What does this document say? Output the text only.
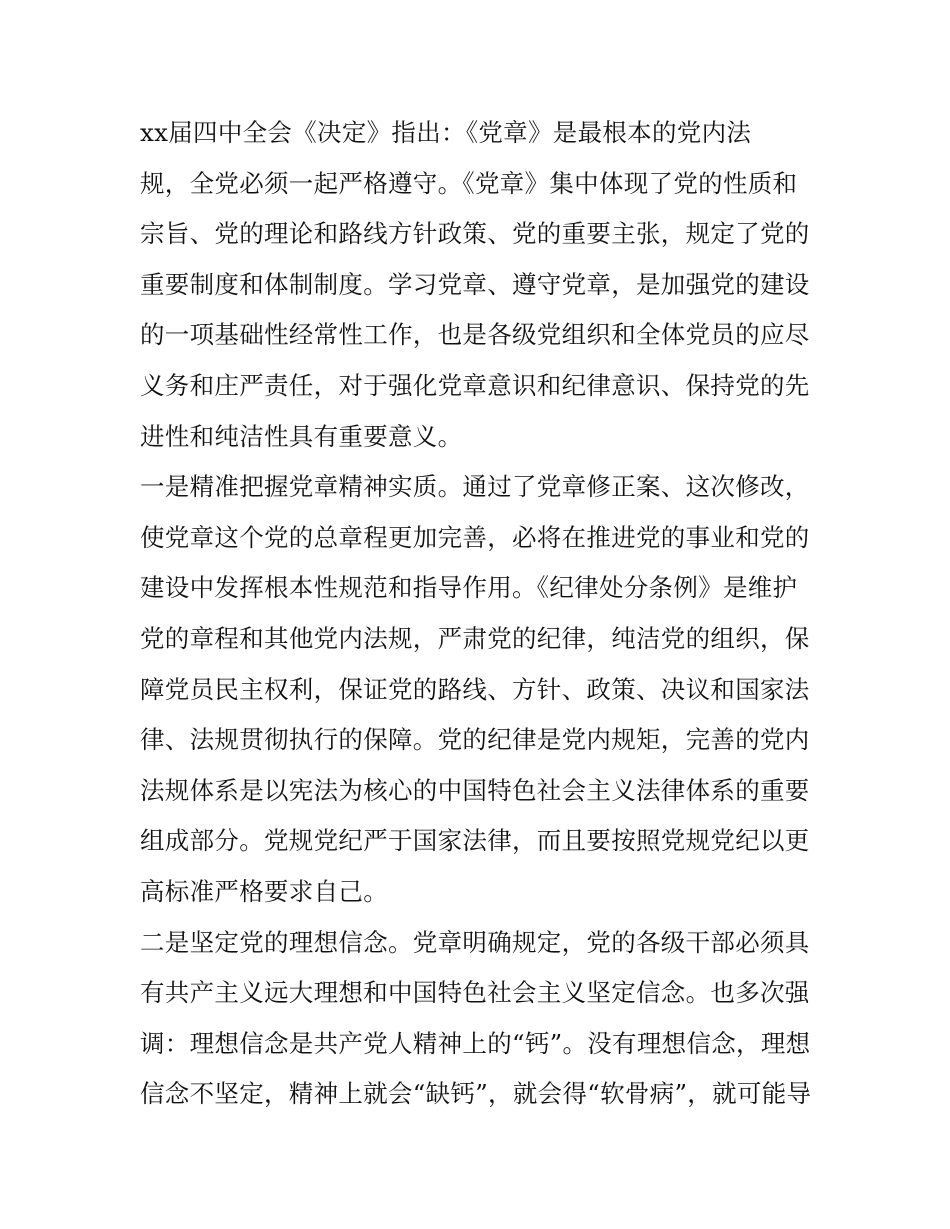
xx届四中全会《决定》指出：《党章》是最根本的党内法
规，全党必须一起严格遵守。《党章》集中体现了党的性质和
宗旨、党的理论和路线方针政策、党的重要主张，规定了党的
重要制度和体制制度。学习党章、遵守党章，是加强党的建设
的一项基础性经常性工作，也是各级党组织和全体党员的应尽
义务和庄严责任，对于强化党章意识和纪律意识、保持党的先
进性和纯洁性具有重要意义。
一是精准把握党章精神实质。通过了党章修正案、这次修改，
使党章这个党的总章程更加完善，必将在推进党的事业和党的
建设中发挥根本性规范和指导作用。《纪律处分条例》是维护
党的章程和其他党内法规，严肃党的纪律，纯洁党的组织，保
障党员民主权利，保证党的路线、方针、政策、决议和国家法
律、法规贯彻执行的保障。党的纪律是党内规矩，完善的党内
法规体系是以宪法为核心的中国特色社会主义法律体系的重要
组成部分。党规党纪严于国家法律，而且要按照党规党纪以更
高标准严格要求自己。
二是坚定党的理想信念。党章明确规定，党的各级干部必须具
有共产主义远大理想和中国特色社会主义坚定信念。也多次强
调：理想信念是共产党人精神上的“钙”。没有理想信念，理想
信念不坚定，精神上就会“缺钙”，就会得“软骨病”，就可能导
